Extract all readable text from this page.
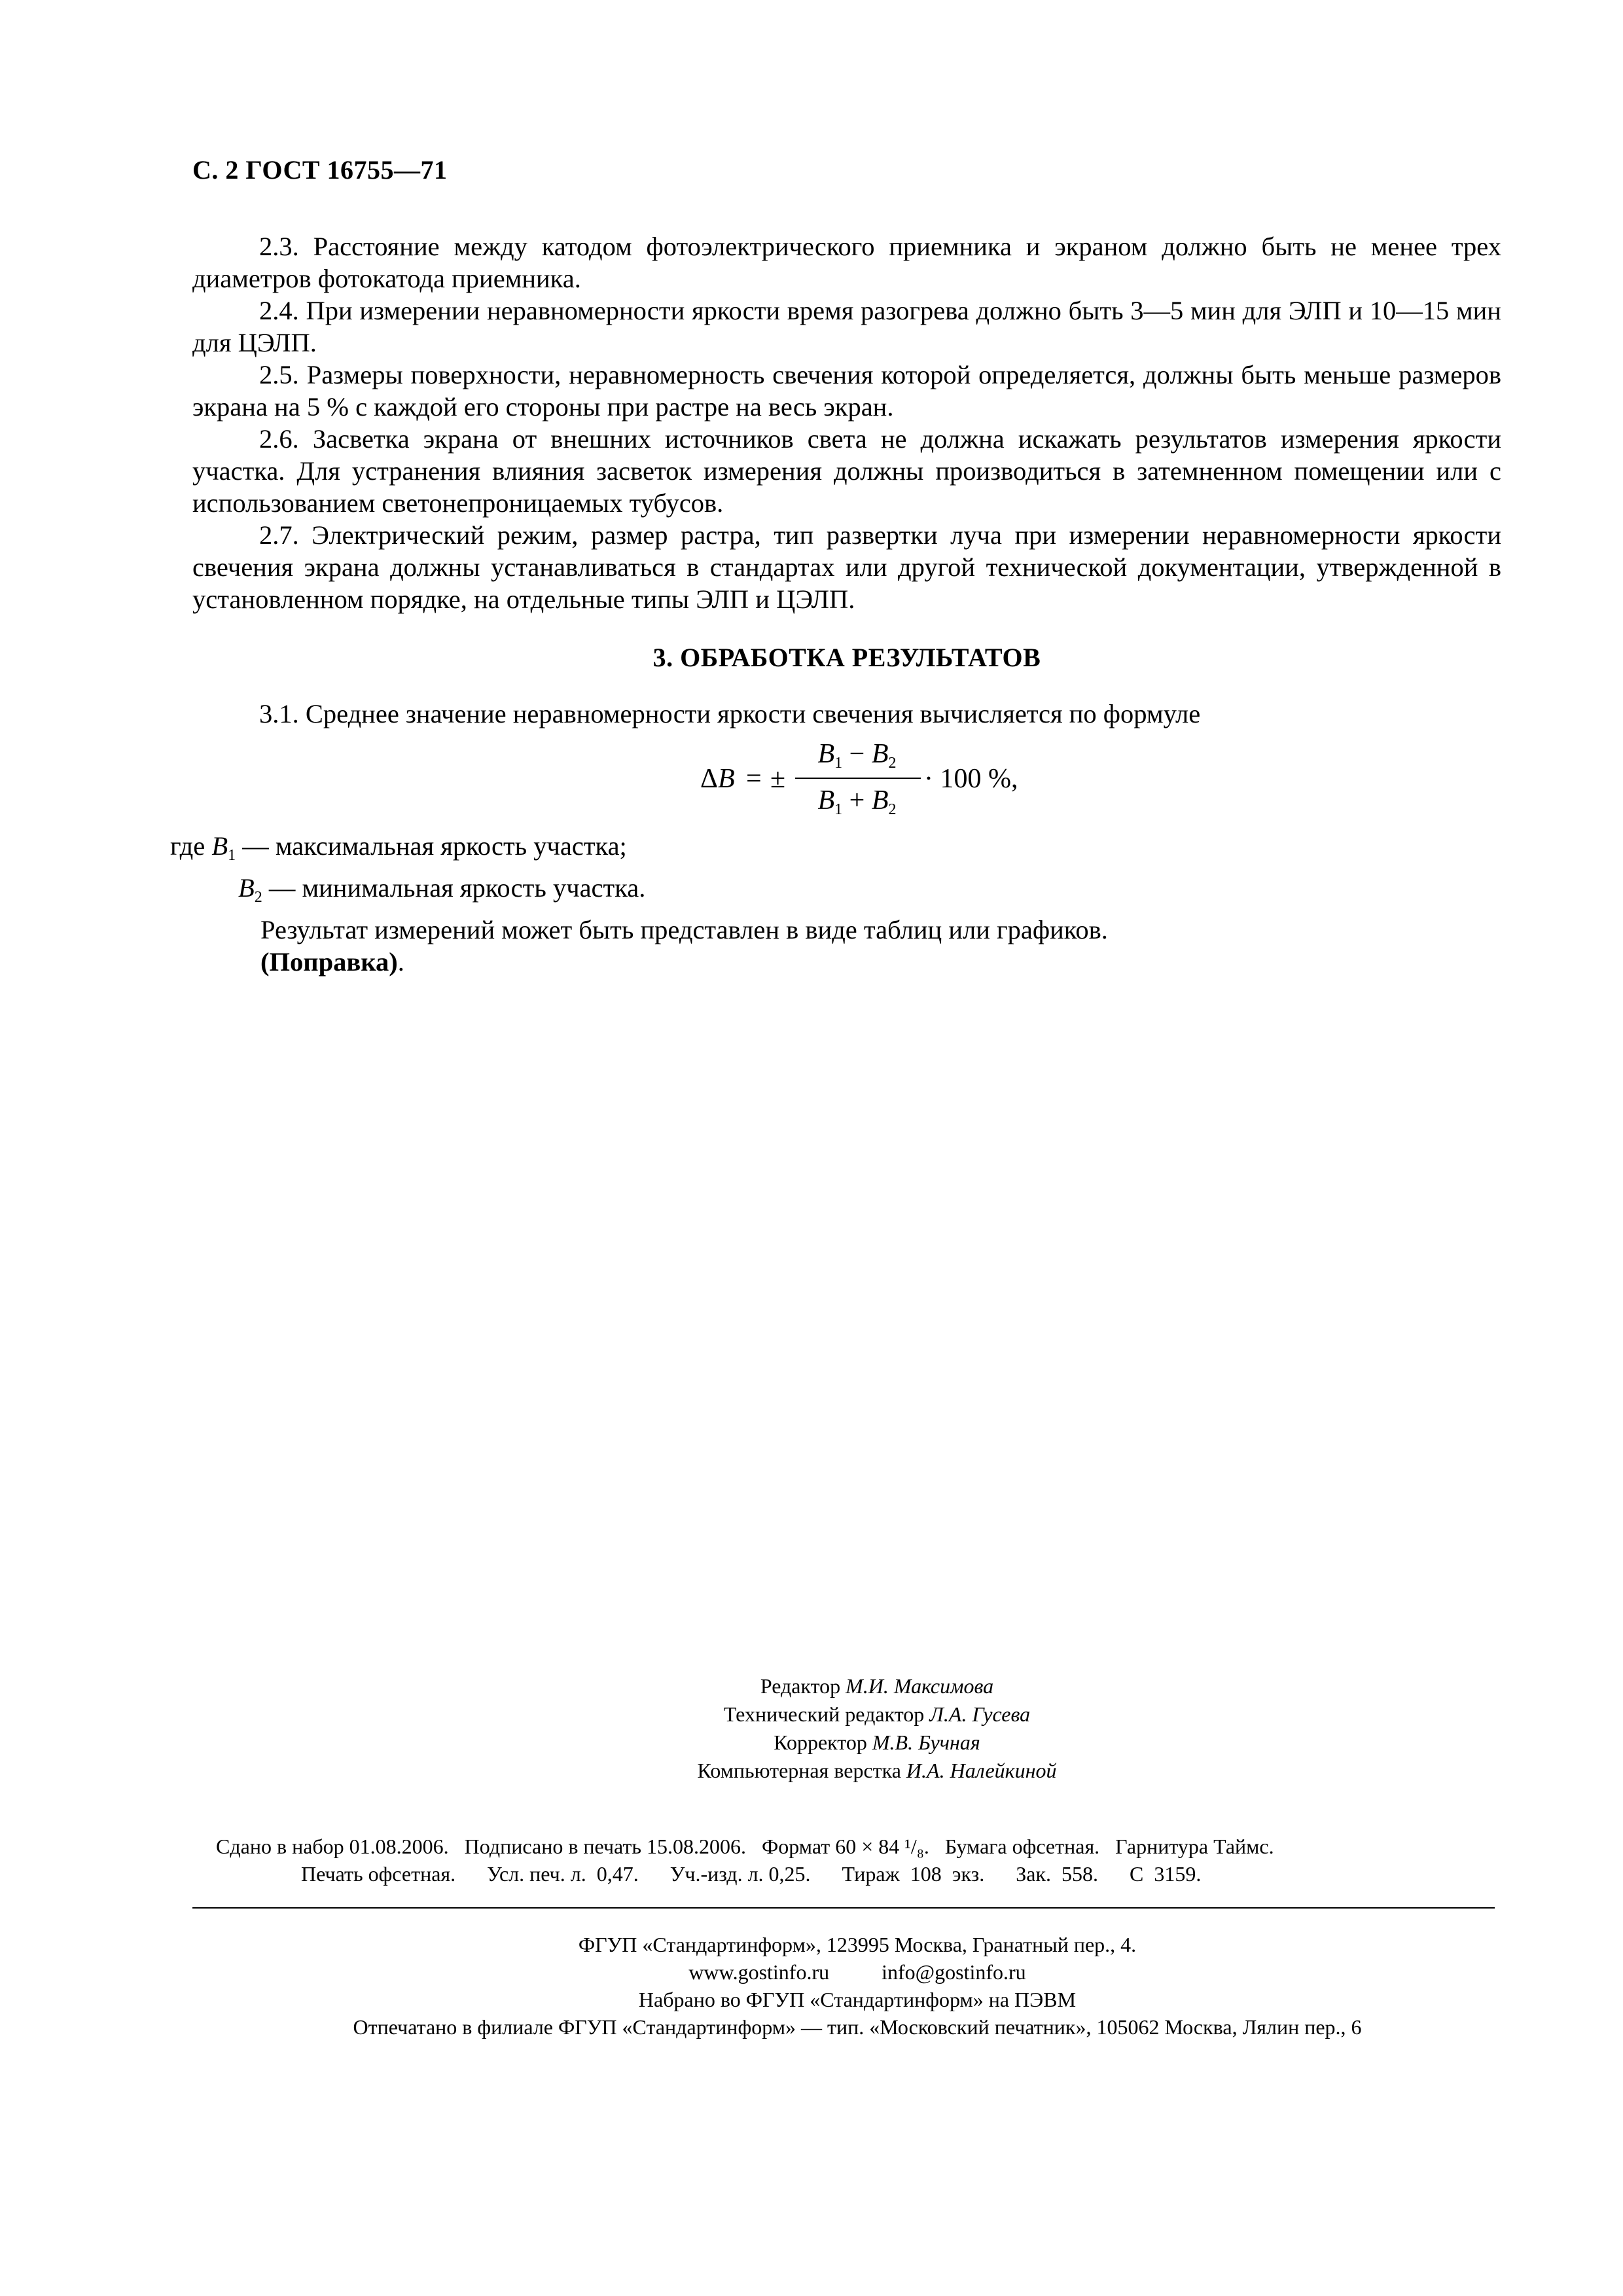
С. 2 ГОСТ 16755—71

2.3. Расстояние между катодом фотоэлектрического приемника и экраном должно быть не менее трех диаметров фотокатода приемника.

2.4. При измерении неравномерности яркости время разогрева должно быть 3—5 мин для ЭЛП и 10—15 мин для ЦЭЛП.

2.5. Размеры поверхности, неравномерность свечения которой определяется, должны быть меньше размеров экрана на 5 % с каждой его стороны при растре на весь экран.

2.6. Засветка экрана от внешних источников света не должна искажать результатов измерения яркости участка. Для устранения влияния засветок измерения должны производиться в затемненном помещении или с использованием светонепроницаемых тубусов.

2.7. Электрический режим, размер растра, тип развертки луча при измерении неравномерности яркости свечения экрана должны устанавливаться в стандартах или другой технической документации, утвержденной в установленном порядке, на отдельные типы ЭЛП и ЦЭЛП.

3. ОБРАБОТКА РЕЗУЛЬТАТОВ

3.1. Среднее значение неравномерности яркости свечения вычисляется по формуле

ΔB = ±
$B_1 - B_2$
$B_1 + B_2$
· 100 %,
где $B_1$ — максимальная яркость участка;
$B_2$ — минимальная яркость участка.
Результат измерений может быть представлен в виде таблиц или графиков.
(Поправка).
Редактор М.И. Максимова
Технический редактор Л.А. Гусева
Корректор М.В. Бучная
Компьютерная верстка И.А. Налейкиной
Сдано в набор 01.08.2006.   Подписано в печать 15.08.2006.   Формат 60 × 84 ¹/₈.   Бумага офсетная.   Гарнитура Таймс.
Печать офсетная.      Усл. печ. л.  0,47.      Уч.-изд. л. 0,25.      Тираж  108  экз.      Зак.  558.      С  3159.
ФГУП «Стандартинформ», 123995 Москва, Гранатный пер., 4.
www.gostinfo.ru	info@gostinfo.ru
Набрано во ФГУП «Стандартинформ» на ПЭВМ
Отпечатано в филиале ФГУП «Стандартинформ» — тип. «Московский печатник», 105062 Москва, Лялин пер., 6
